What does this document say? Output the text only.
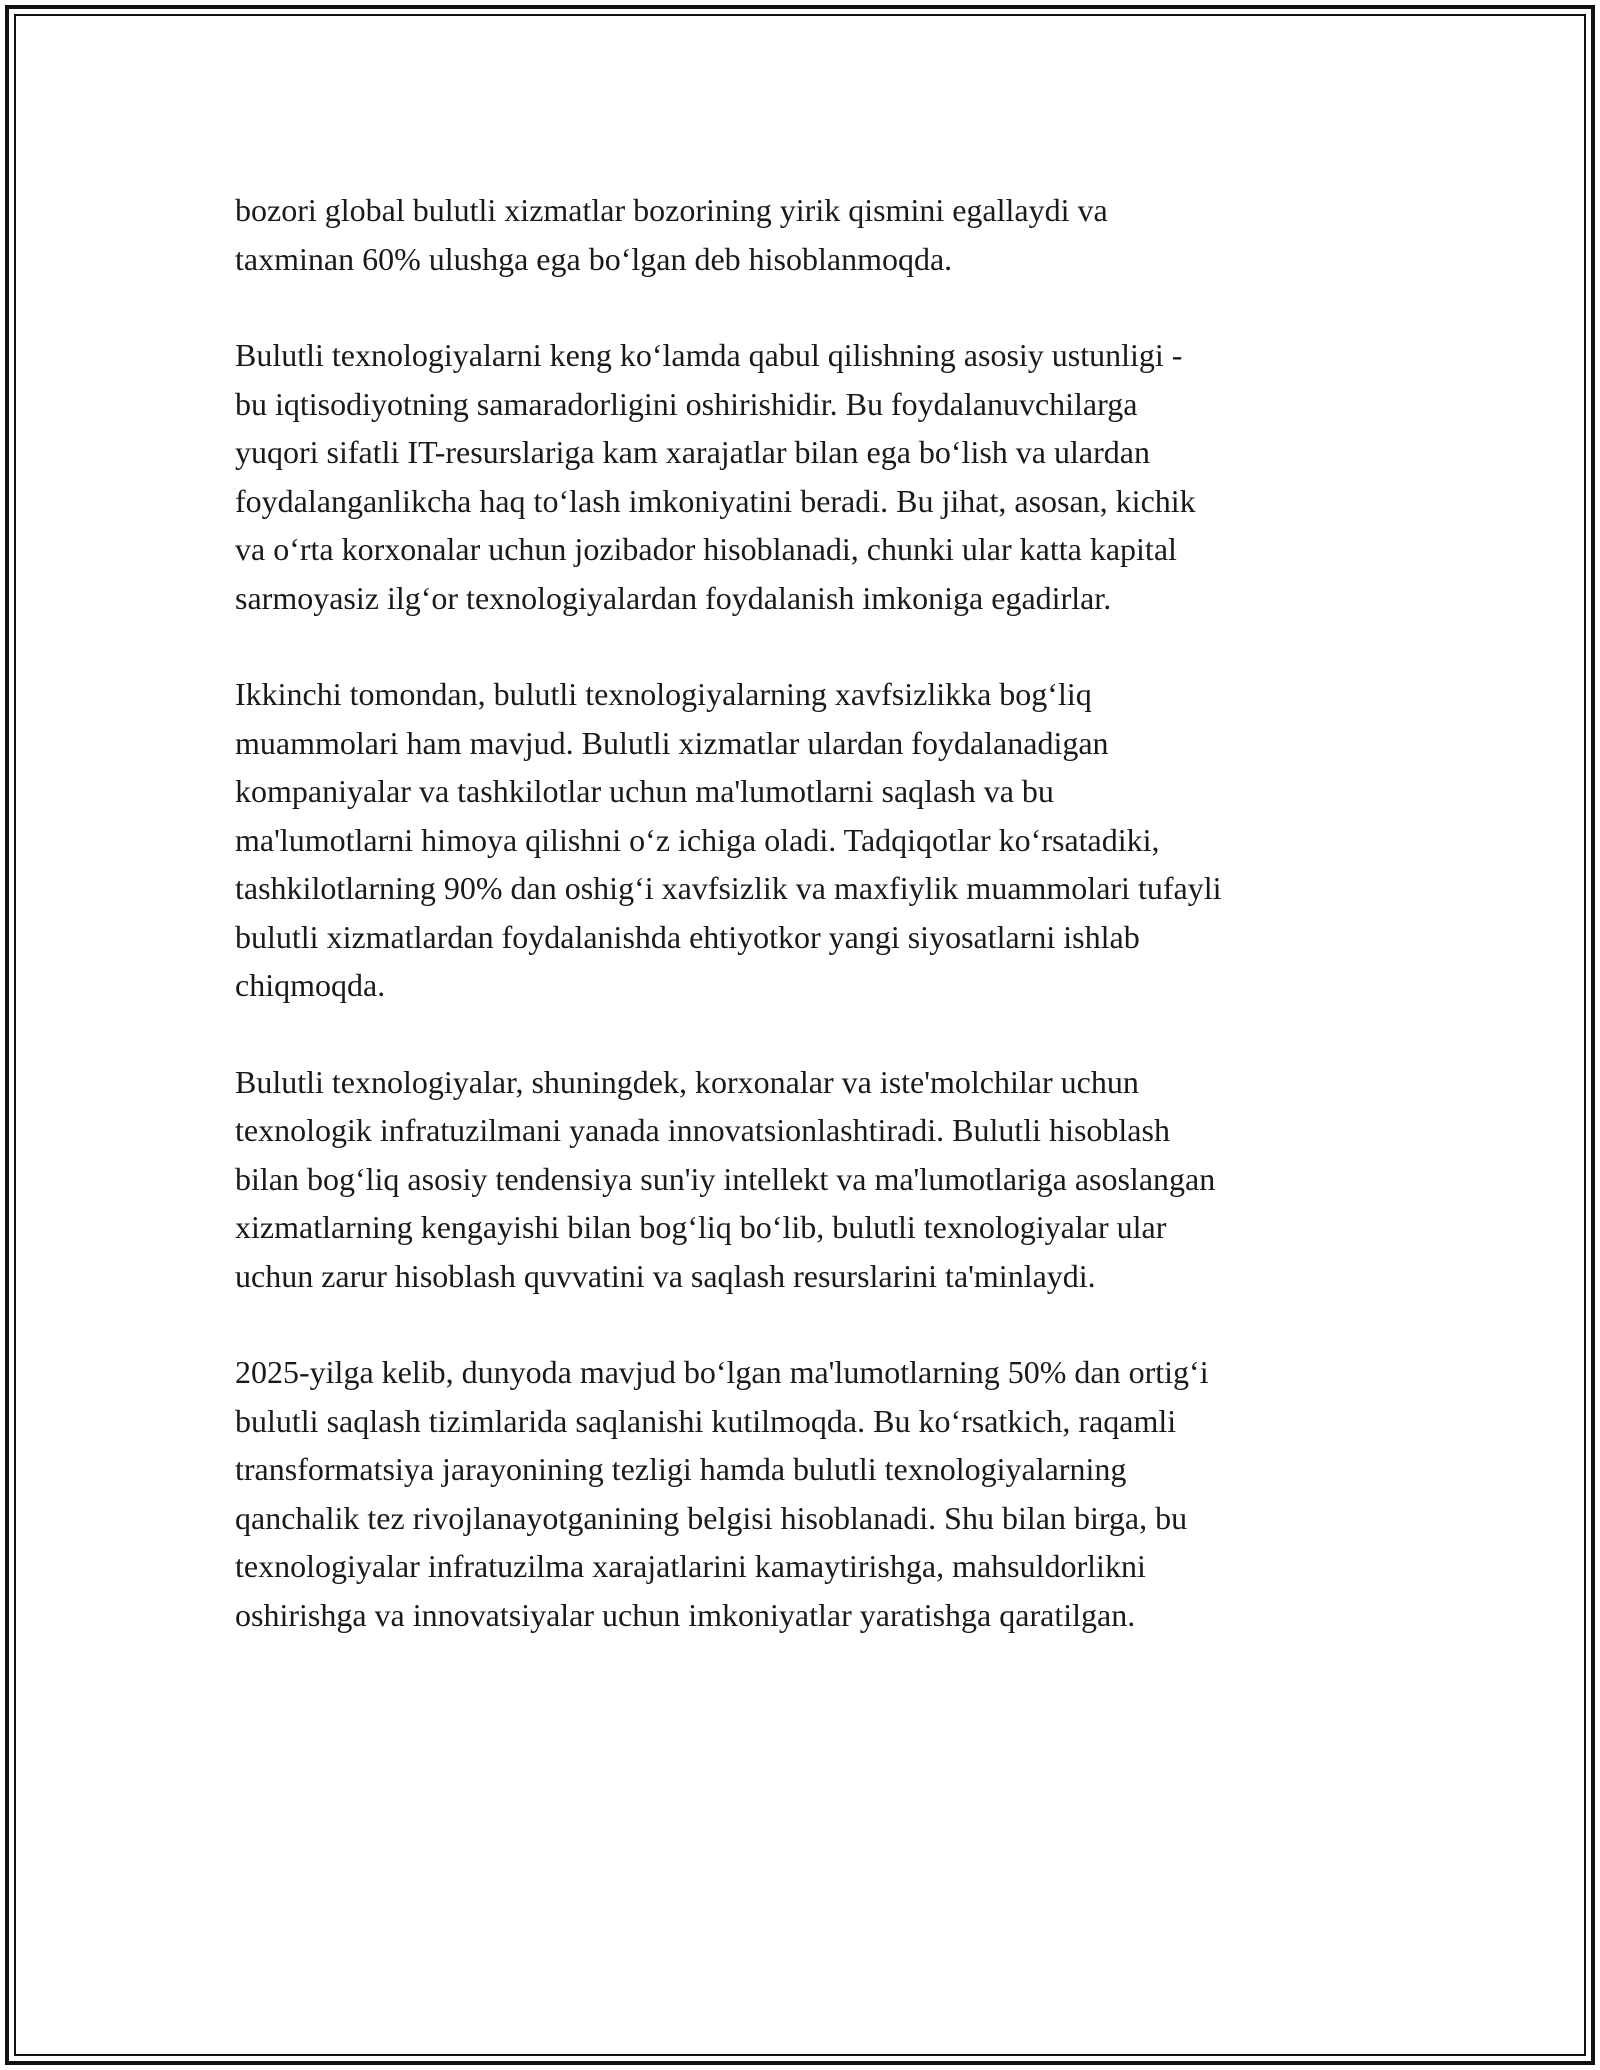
bozori global bulutli xizmatlar bozorining yirik qismini egallaydi va
taxminan 60% ulushga ega bo‘lgan deb hisoblanmoqda.

Bulutli texnologiyalarni keng ko‘lamda qabul qilishning asosiy ustunligi -
bu iqtisodiyotning samaradorligini oshirishidir. Bu foydalanuvchilarga
yuqori sifatli IT-resurslariga kam xarajatlar bilan ega bo‘lish va ulardan
foydalanganlikcha haq to‘lash imkoniyatini beradi. Bu jihat, asosan, kichik
va o‘rta korxonalar uchun jozibador hisoblanadi, chunki ular katta kapital
sarmoyasiz ilg‘or texnologiyalardan foydalanish imkoniga egadirlar.

Ikkinchi tomondan, bulutli texnologiyalarning xavfsizlikka bog‘liq
muammolari ham mavjud. Bulutli xizmatlar ulardan foydalanadigan
kompaniyalar va tashkilotlar uchun ma'lumotlarni saqlash va bu
ma'lumotlarni himoya qilishni o‘z ichiga oladi. Tadqiqotlar ko‘rsatadiki,
tashkilotlarning 90% dan oshig‘i xavfsizlik va maxfiylik muammolari tufayli
bulutli xizmatlardan foydalanishda ehtiyotkor yangi siyosatlarni ishlab
chiqmoqda.

Bulutli texnologiyalar, shuningdek, korxonalar va iste'molchilar uchun
texnologik infratuzilmani yanada innovatsionlashtiradi. Bulutli hisoblash
bilan bog‘liq asosiy tendensiya sun'iy intellekt va ma'lumotlariga asoslangan
xizmatlarning kengayishi bilan bog‘liq bo‘lib, bulutli texnologiyalar ular
uchun zarur hisoblash quvvatini va saqlash resurslarini ta'minlaydi.

2025-yilga kelib, dunyoda mavjud bo‘lgan ma'lumotlarning 50% dan ortig‘i
bulutli saqlash tizimlarida saqlanishi kutilmoqda. Bu ko‘rsatkich, raqamli
transformatsiya jarayonining tezligi hamda bulutli texnologiyalarning
qanchalik tez rivojlanayotganining belgisi hisoblanadi. Shu bilan birga, bu
texnologiyalar infratuzilma xarajatlarini kamaytirishga, mahsuldorlikni
oshirishga va innovatsiyalar uchun imkoniyatlar yaratishga qaratilgan.
